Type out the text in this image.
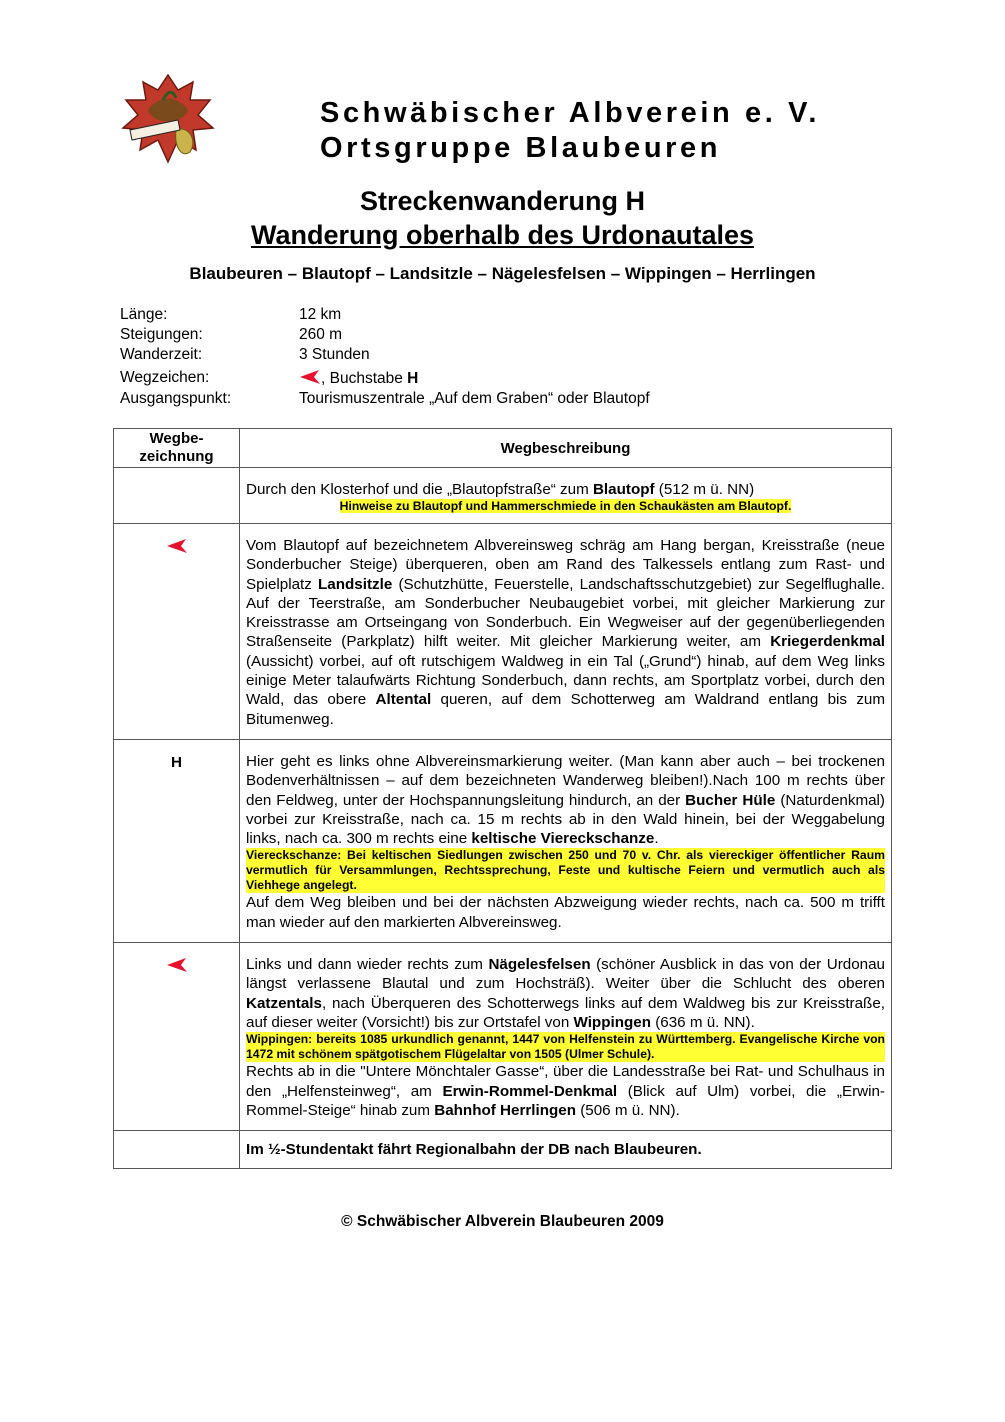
Schwäbischer Albverein e. V.
Ortsgruppe Blaubeuren
Streckenwanderung H
Wanderung oberhalb des Urdonautales
Blaubeuren – Blautopf – Landsitzle – Nägelesfelsen – Wippingen – Herrlingen
Länge:	12 km
Steigungen:	260 m
Wanderzeit:	3 Stunden
Wegzeichen:	, Buchstabe H
Ausgangspunkt:	Tourismuszentrale „Auf dem Graben“ oder Blautopf
Wegbe-
zeichnung	Wegbeschreibung
	Durch den Klosterhof und die „Blautopfstraße“ zum Blautopf (512 m ü. NN)
Hinweise zu Blautopf und Hammerschmiede in den Schaukästen am Blautopf.

	Vom Blautopf auf bezeichnetem Albvereinsweg schräg am Hang bergan, Kreisstraße (neue Sonderbucher Steige) überqueren, oben am Rand des Talkessels entlang zum Rast- und Spielplatz Landsitzle (Schutzhütte, Feuerstelle, Landschaftsschutzgebiet) zur Segelflughalle. Auf der Teerstraße, am Sonderbucher Neubaugebiet vorbei, mit gleicher Markierung zur Kreisstrasse am Ortseingang von Sonderbuch. Ein Wegweiser auf der gegenüberliegenden Straßenseite (Parkplatz) hilft weiter. Mit gleicher Markierung weiter, am Kriegerdenkmal (Aussicht) vorbei, auf oft rutschigem Waldweg in ein Tal („Grund“) hinab, auf dem Weg links einige Meter talaufwärts Richtung Sonderbuch, dann rechts, am Sportplatz vorbei, durch den Wald, das obere Altental queren, auf dem Schotterweg am Waldrand entlang bis zum Bitumenweg.
H	Hier geht es links ohne Albvereinsmarkierung weiter. (Man kann aber auch – bei trockenen Bodenverhältnissen – auf dem bezeichneten Wanderweg bleiben!).Nach 100 m rechts über den Feldweg, unter der Hochspannungsleitung hindurch, an der Bucher Hüle (Naturdenkmal) vorbei zur Kreisstraße, nach ca. 15 m rechts ab in den Wald hinein, bei der Weggabelung links, nach ca. 300 m rechts eine keltische Viereckschanze.
Viereckschanze: Bei keltischen Siedlungen zwischen 250 und 70 v. Chr. als viereckiger öffentlicher Raum vermutlich für Versammlungen, Rechtssprechung, Feste und kultische Feiern und vermutlich auch als Viehhege angelegt.
Auf dem Weg bleiben und bei der nächsten Abzweigung wieder rechts, nach ca. 500 m trifft man wieder auf den markierten Albvereinsweg.
	Links und dann wieder rechts zum Nägelesfelsen (schöner Ausblick in das von der Urdonau längst verlassene Blautal und zum Hochsträß). Weiter über die Schlucht des oberen Katzentals, nach Überqueren des Schotterwegs links auf dem Waldweg bis zur Kreisstraße, auf dieser weiter (Vorsicht!) bis zur Ortstafel von Wippingen (636 m ü. NN).
Wippingen: bereits 1085 urkundlich genannt, 1447 von Helfenstein zu Württemberg. Evangelische Kirche von 1472 mit schönem spätgotischem Flügelaltar von 1505 (Ulmer Schule).
Rechts ab in die "Untere Mönchtaler Gasse“, über die Landesstraße bei Rat- und Schulhaus in den „Helfensteinweg“, am Erwin-Rommel-Denkmal (Blick auf Ulm) vorbei, die „Erwin-Rommel-Steige“ hinab zum Bahnhof Herrlingen (506 m ü. NN).
	Im ½-Stundentakt fährt Regionalbahn der DB nach Blaubeuren.
© Schwäbischer Albverein Blaubeuren 2009
